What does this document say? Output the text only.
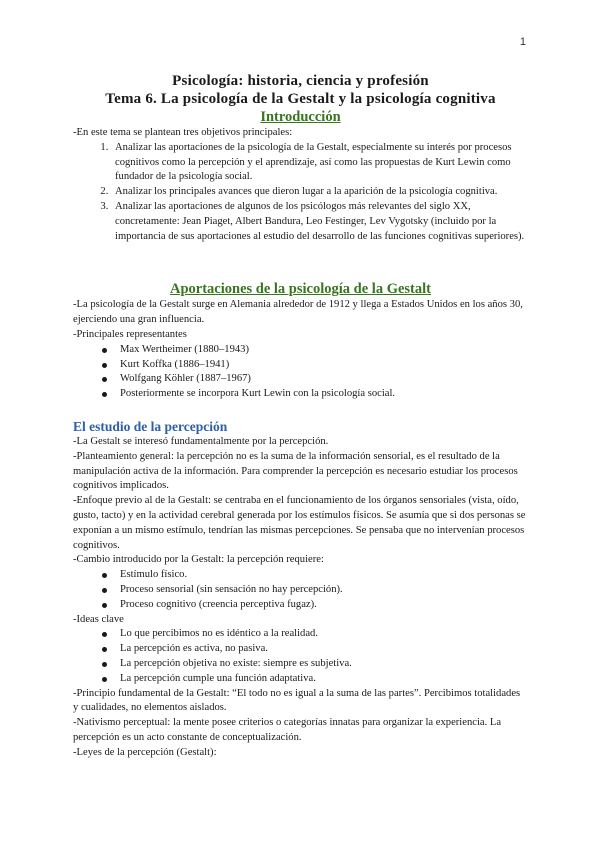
1
Psicología: historia, ciencia y profesión
Tema 6. La psicología de la Gestalt y la psicología cognitiva
Introducción

-En este tema se plantean tres objetivos principales:

1. Analizar las aportaciones de la psicología de la Gestalt, especialmente su interés por procesos cognitivos como la percepción y el aprendizaje, así como las propuestas de Kurt Lewin como fundador de la psicología social.
2. Analizar los principales avances que dieron lugar a la aparición de la psicología cognitiva.
3. Analizar las aportaciones de algunos de los psicólogos más relevantes del siglo XX, concretamente: Jean Piaget, Albert Bandura, Leo Festinger, Lev Vygotsky (incluido por la importancia de sus aportaciones al estudio del desarrollo de las funciones cognitivas superiores).
Aportaciones de la psicología de la Gestalt

-La psicología de la Gestalt surge en Alemania alrededor de 1912 y llega a Estados Unidos en los años 30, ejerciendo una gran influencia.

-Principales representantes

Max Wertheimer (1880–1943)
Kurt Koffka (1886–1941)
Wolfgang Köhler (1887–1967)
Posteriormente se incorpora Kurt Lewin con la psicología social.
El estudio de la percepción

-La Gestalt se interesó fundamentalmente por la percepción.

-Planteamiento general: la percepción no es la suma de la información sensorial, es el resultado de la manipulación activa de la información. Para comprender la percepción es necesario estudiar los procesos cognitivos implicados.

-Enfoque previo al de la Gestalt: se centraba en el funcionamiento de los órganos sensoriales (vista, oído, gusto, tacto) y en la actividad cerebral generada por los estímulos físicos. Se asumía que si dos personas se exponían a un mismo estímulo, tendrían las mismas percepciones. Se pensaba que no intervenían procesos cognitivos.

-Cambio introducido por la Gestalt: la percepción requiere:

Estímulo físico.
Proceso sensorial (sin sensación no hay percepción).
Proceso cognitivo (creencia perceptiva fugaz).

-Ideas clave

Lo que percibimos no es idéntico a la realidad.
La percepción es activa, no pasiva.
La percepción objetiva no existe: siempre es subjetiva.
La percepción cumple una función adaptativa.

-Principio fundamental de la Gestalt: “El todo no es igual a la suma de las partes”. Percibimos totalidades y cualidades, no elementos aislados.

-Nativismo perceptual: la mente posee criterios o categorías innatas para organizar la experiencia. La percepción es un acto constante de conceptualización.

-Leyes de la percepción (Gestalt):
